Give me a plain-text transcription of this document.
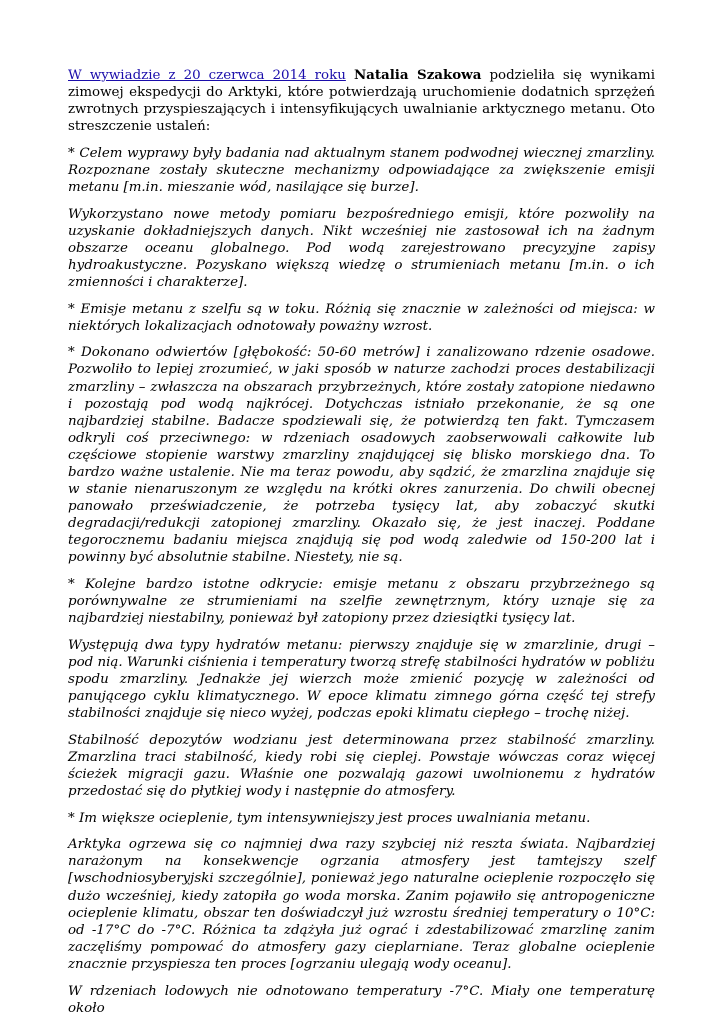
W wywiadzie z 20 czerwca 2014 roku Natalia Szakowa podzieliła się wynikami zimowej ekspedycji do Arktyki, które potwierdzają uruchomienie dodatnich sprzężeń zwrotnych przyspieszających i intensyfikujących uwalnianie arktycznego metanu. Oto streszczenie ustaleń:

* Celem wyprawy były badania nad aktualnym stanem podwodnej wiecznej zmarzliny. Rozpoznane zostały skuteczne mechanizmy odpowiadające za zwiększenie emisji metanu [m.in. mieszanie wód, nasilające się burze].

Wykorzystano nowe metody pomiaru bezpośredniego emisji, które pozwoliły na uzyskanie dokładniejszych danych. Nikt wcześniej nie zastosował ich na żadnym obszarze oceanu globalnego. Pod wodą zarejestrowano precyzyjne zapisy hydroakustyczne. Pozyskano większą wiedzę o strumieniach metanu [m.in. o ich zmienności i charakterze].

* Emisje metanu z szelfu są w toku. Różnią się znacznie w zależności od miejsca: w niektórych lokalizacjach odnotowały poważny wzrost.

* Dokonano odwiertów [głębokość: 50-60 metrów] i zanalizowano rdzenie osadowe. Pozwoliło to lepiej zrozumieć, w jaki sposób w naturze zachodzi proces destabilizacji zmarzliny – zwłaszcza na obszarach przybrzeżnych, które zostały zatopione niedawno i pozostają pod wodą najkrócej. Dotychczas istniało przekonanie, że są one najbardziej stabilne. Badacze spodziewali się, że potwierdzą ten fakt. Tymczasem odkryli coś przeciwnego: w rdzeniach osadowych zaobserwowali całkowite lub częściowe stopienie warstwy zmarzliny znajdującej się blisko morskiego dna. To bardzo ważne ustalenie. Nie ma teraz powodu, aby sądzić, że zmarzlina znajduje się w stanie nienaruszonym ze względu na krótki okres zanurzenia. Do chwili obecnej panowało przeświadczenie, że potrzeba tysięcy lat, aby zobaczyć skutki degradacji/redukcji zatopionej zmarzliny. Okazało się, że jest inaczej. Poddane tegorocznemu badaniu miejsca znajdują się pod wodą zaledwie od 150-200 lat i powinny być absolutnie stabilne. Niestety, nie są.

* Kolejne bardzo istotne odkrycie: emisje metanu z obszaru przybrzeżnego są porównywalne ze strumieniami na szelfie zewnętrznym, który uznaje się za najbardziej niestabilny, ponieważ był zatopiony przez dziesiątki tysięcy lat.

Występują dwa typy hydratów metanu: pierwszy znajduje się w zmarzlinie, drugi – pod nią. Warunki ciśnienia i temperatury tworzą strefę stabilności hydratów w pobliżu spodu zmarzliny. Jednakże jej wierzch może zmienić pozycję w zależności od panującego cyklu klimatycznego. W epoce klimatu zimnego górna część tej strefy stabilności znajduje się nieco wyżej, podczas epoki klimatu ciepłego – trochę niżej.

Stabilność depozytów wodzianu jest determinowana przez stabilność zmarzliny. Zmarzlina traci stabilność, kiedy robi się cieplej. Powstaje wówczas coraz więcej ścieżek migracji gazu. Właśnie one pozwalają gazowi uwolnionemu z hydratów przedostać się do płytkiej wody i następnie do atmosfery.

* Im większe ocieplenie, tym intensywniejszy jest proces uwalniania metanu.

Arktyka ogrzewa się co najmniej dwa razy szybciej niż reszta świata. Najbardziej narażonym na konsekwencje ogrzania atmosfery jest tamtejszy szelf [wschodniosyberyjski szczególnie], ponieważ jego naturalne ocieplenie rozpoczęło się dużo wcześniej, kiedy zatopiła go woda morska. Zanim pojawiło się antropogeniczne ocieplenie klimatu, obszar ten doświadczył już wzrostu średniej temperatury o 10°C: od -17°C do -7°C. Różnica ta zdążyła już ograć i zdestabilizować zmarzlinę zanim zaczęliśmy pompować do atmosfery gazy cieplarniane. Teraz globalne ocieplenie znacznie przyspiesza ten proces [ogrzaniu ulegają wody oceanu].

W rdzeniach lodowych nie odnotowano temperatury -7°C. Miały one temperaturę około
